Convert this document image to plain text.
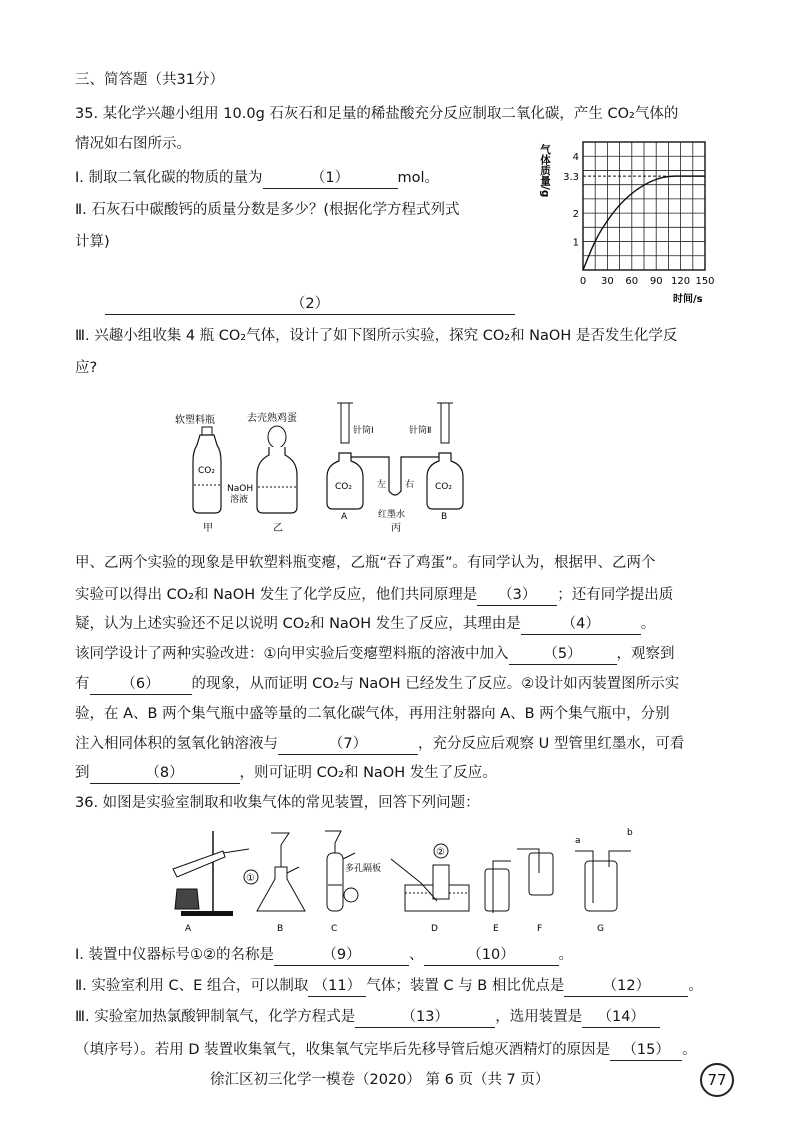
三、简答题（共31分）
35. 某化学兴趣小组用 10.0g 石灰石和足量的稀盐酸充分反应制取二氧化碳，产生 CO₂气体的
情况如右图所示。
Ⅰ. 制取二氧化碳的物质的量为	（1）	mol。
Ⅱ. 石灰石中碳酸钙的质量分数是多少？(根据化学方程式列式
计算)
（2）
气体质量/g
0 30 60 90 120 150
1
2
3.3
4
时间/s
Ⅲ. 兴趣小组收集 4 瓶 CO₂气体，设计了如下图所示实验，探究 CO₂和 NaOH 是否发生化学反
应?
软塑料瓶
CO₂
甲
去壳熟鸡蛋
NaOH
溶液
乙
针筒Ⅰ	针筒Ⅱ
CO₂	CO₂
左 右
红墨水
A	B
丙
甲、乙两个实验的现象是甲软塑料瓶变瘪，乙瓶“吞了鸡蛋”。有同学认为，根据甲、乙两个
实验可以得出 CO₂和 NaOH 发生了化学反应，他们共同原理是 （3） ；还有同学提出质
疑，认为上述实验还不足以说明 CO₂和 NaOH 发生了反应，其理由是	（4）	。
该同学设计了两种实验改进：①向甲实验后变瘪塑料瓶的溶液中加入 （5） ，观察到
有 （6） 的现象，从而证明 CO₂与 NaOH 已经发生了反应。②设计如丙装置图所示实
验，在 A、B 两个集气瓶中盛等量的二氧化碳气体，再用注射器向 A、B 两个集气瓶中，分别
注入相同体积的氢氧化钠溶液与	（7）	，充分反应后观察 U 型管里红墨水，可看
到	（8）	，则可证明 CO₂和 NaOH 发生了反应。
36. 如图是实验室制取和收集气体的常见装置，回答下列问题：
A
①
B
多孔隔板
C
②
D	E	F
a
b
G
Ⅰ. 装置中仪器标号①②的名称是	（9）	、	（10）	。
Ⅱ. 实验室利用 C、E 组合，可以制取 （11） 气体；装置 C 与 B 相比优点是	（12）	。
Ⅲ. 实验室加热氯酸钾制氧气，化学方程式是	（13）	，选用装置是 （14）
（填序号）。若用 D 装置收集氧气，收集氧气完毕后先移导管后熄灭酒精灯的原因是 （15） 。
徐汇区初三化学一模卷（2020） 第 6 页（共 7 页）	77
